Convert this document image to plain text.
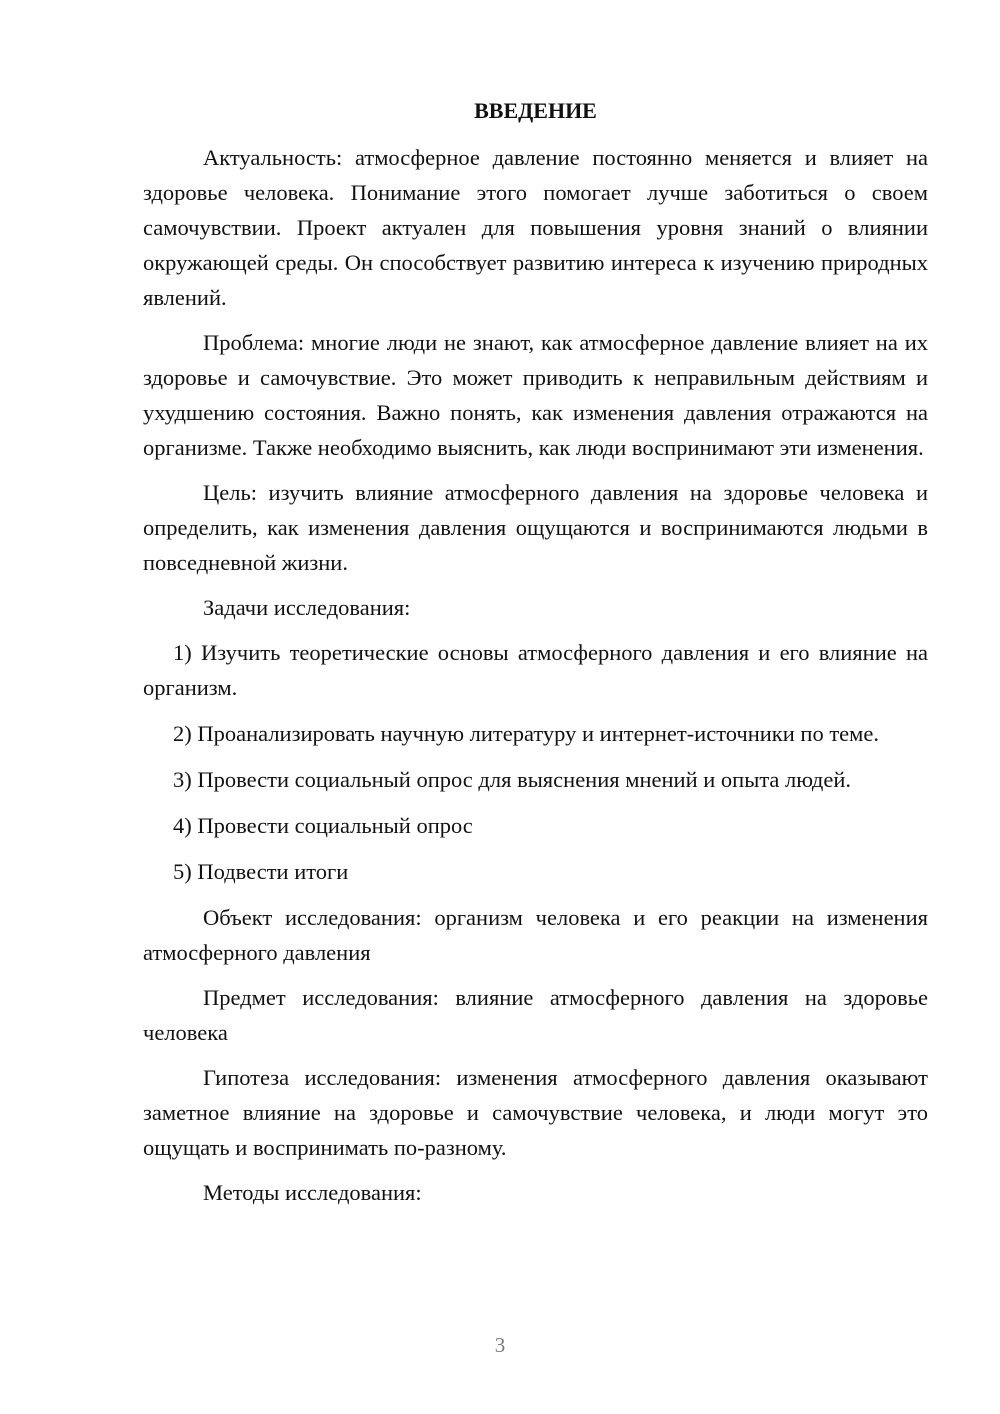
ВВЕДЕНИЕ

Актуальность: атмосферное давление постоянно меняется и влияет на здоровье человека. Понимание этого помогает лучше заботиться о своем самочувствии. Проект актуален для повышения уровня знаний о влиянии окружающей среды. Он способствует развитию интереса к изучению природных явлений.

Проблема: многие люди не знают, как атмосферное давление влияет на их здоровье и самочувствие. Это может приводить к неправильным действиям и ухудшению состояния. Важно понять, как изменения давления отражаются на организме. Также необходимо выяснить, как люди воспринимают эти изменения.

Цель: изучить влияние атмосферного давления на здоровье человека и определить, как изменения давления ощущаются и воспринимаются людьми в повседневной жизни.

Задачи исследования:

1) Изучить теоретические основы атмосферного давления и его влияние на организм.

2) Проанализировать научную литературу и интернет-источники по теме.

3) Провести социальный опрос для выяснения мнений и опыта людей.

4) Провести социальный опрос

5) Подвести итоги

Объект исследования: организм человека и его реакции на изменения атмосферного давления

Предмет исследования: влияние атмосферного давления на здоровье человека

Гипотеза исследования: изменения атмосферного давления оказывают заметное влияние на здоровье и самочувствие человека, и люди могут это ощущать и воспринимать по-разному.

Методы исследования:

3
